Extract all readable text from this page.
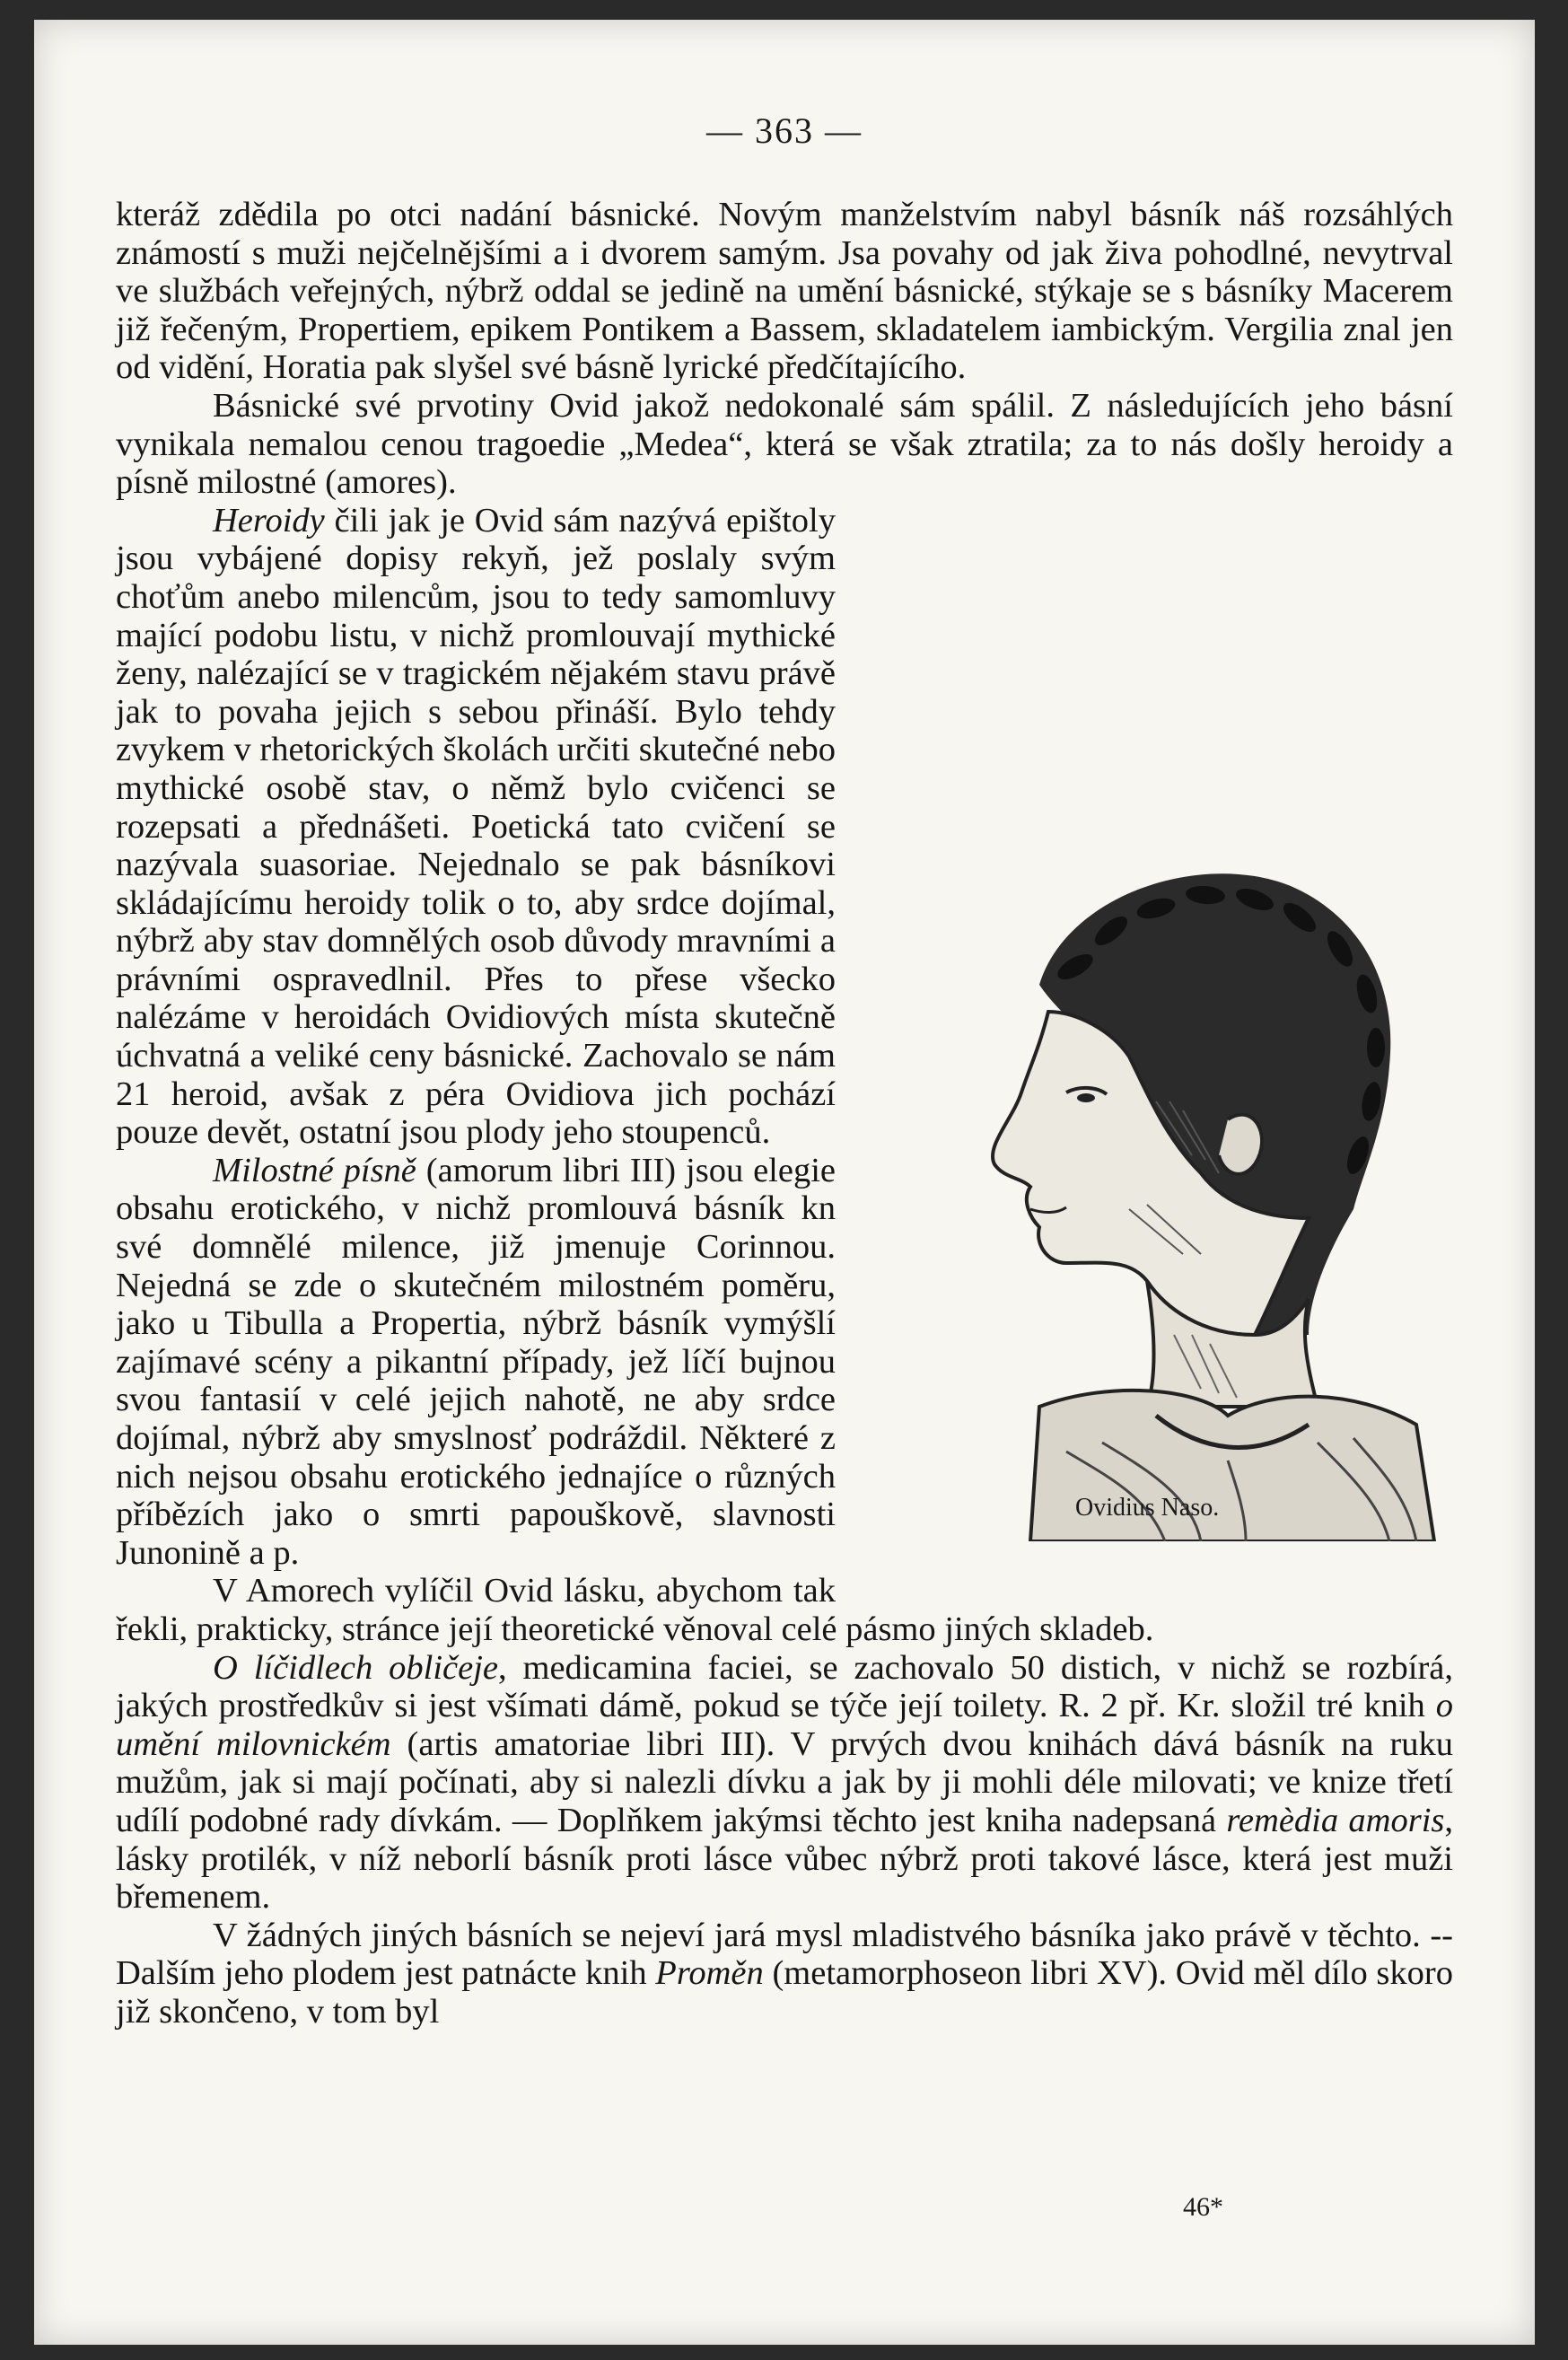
— 363 —

kteráž zdědila po otci nadání básnické. Novým manželstvím nabyl básník náš rozsáhlých známostí s muži nejčelnějšími a i dvorem samým. Jsa povahy od jak živa pohodlné, nevytrval ve službách veřejných, nýbrž oddal se jedině na umění básnické, stýkaje se s básníky Macerem již řečeným, Propertiem, epikem Pontikem a Bassem, skladatelem iambickým. Vergilia znal jen od vidění, Horatia pak slyšel své básně lyrické předčítajícího.

Básnické své prvotiny Ovid jakož nedokonalé sám spálil. Z následujících jeho básní vynikala nemalou cenou tragoedie „Medea“, která se však ztratila; za to nás došly heroidy a písně milostné (amores).

Heroidy čili jak je Ovid sám nazývá epištoly jsou vybájené dopisy rekyň, jež poslaly svým choťům anebo milencům, jsou to tedy samomluvy mající podobu listu, v nichž promlouvají mythické ženy, nalézající se v tragickém nějakém stavu právě jak to povaha jejich s sebou přináší. Bylo tehdy zvykem v rhetorických školách určiti skutečné nebo mythické osobě stav, o němž bylo cvičenci se rozepsati a přednášeti. Poetická tato cvičení se nazývala suasoriae. Nejednalo se pak básníkovi skládajícímu heroidy tolik o to, aby srdce dojímal, nýbrž aby stav domnělých osob důvody mravními a právními ospravedlnil. Přes to přese všecko nalézáme v heroidách Ovidiových místa skutečně úchvatná a veliké ceny básnické. Zachovalo se nám 21 heroid, avšak z péra Ovidiova jich pochází pouze devět, ostatní jsou plody jeho stoupenců.

Milostné písně (amorum libri III) jsou elegie obsahu erotického, v nichž promlouvá básník kn své domnělé milence, již jmenuje Corinnou. Nejedná se zde o skutečném milostném poměru, jako u Tibulla a Propertia, nýbrž básník vymýšlí zajímavé scény a pikantní případy, jež líčí bujnou svou fantasií v celé jejich nahotě, ne aby srdce dojímal, nýbrž aby smyslnosť podráždil. Některé z nich nejsou obsahu erotického jednajíce o různých příbězích jako o smrti papouškově, slavnosti Junonině a p.

V Amorech vylíčil Ovid lásku, abychom tak řekli, prakticky, stránce její theoretické věnoval celé pásmo jiných skladeb.

O líčidlech obličeje, medicamina faciei, se zachovalo 50 distich, v nichž se rozbírá, jakých prostředkův si jest všímati dámě, pokud se týče její toilety. R. 2 př. Kr. složil tré knih o umění milovnickém (artis amatoriae libri III). V prvých dvou knihách dává básník na ruku mužům, jak si mají počínati, aby si nalezli dívku a jak by ji mohli déle milovati; ve knize třetí udílí podobné rady dívkám. — Doplňkem jakýmsi těchto jest kniha nadepsaná remèdia amoris, lásky protilék, v níž neborlí básník proti lásce vůbec nýbrž proti takové lásce, která jest muži břemenem.

V žádných jiných básních se nejeví jará mysl mladistvého básníka jako právě v těchto. -- Dalším jeho plodem jest patnácte knih Proměn (metamorphoseon libri XV). Ovid měl dílo skoro již skončeno, v tom byl

Ovidius Naso.
46*
